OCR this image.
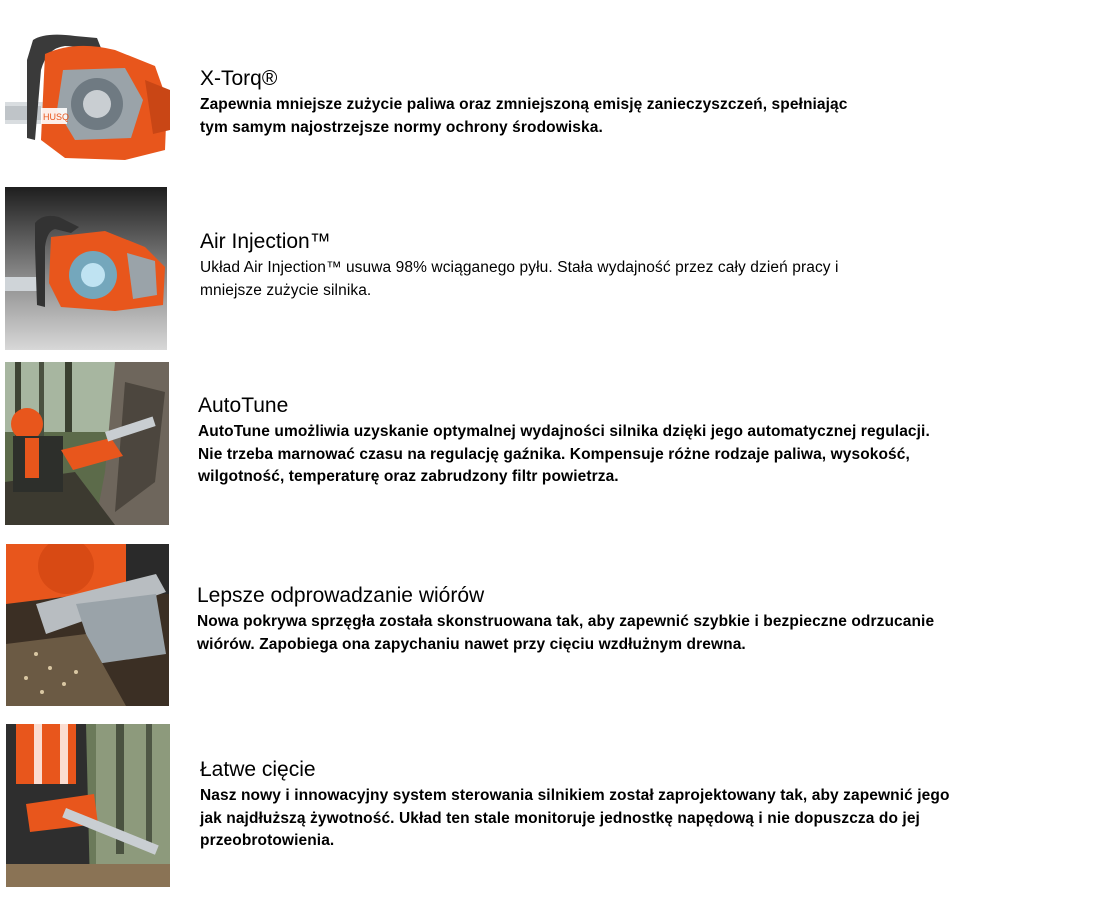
HUSQ
X-Torq®

Zapewnia mniejsze zużycie paliwa oraz zmniejszoną emisję zanieczyszczeń, spełniając
tym samym najostrzejsze normy ochrony środowiska.

Air Injection™

Układ Air Injection™ usuwa 98% wciąganego pyłu. Stała wydajność przez cały dzień pracy i
mniejsze zużycie silnika.

AutoTune

AutoTune umożliwia uzyskanie optymalnej wydajności silnika dzięki jego automatycznej regulacji.
Nie trzeba marnować czasu na regulację gaźnika. Kompensuje różne rodzaje paliwa, wysokość,
wilgotność, temperaturę oraz zabrudzony filtr powietrza.

Lepsze odprowadzanie wiórów

Nowa pokrywa sprzęgła została skonstruowana tak, aby zapewnić szybkie i bezpieczne odrzucanie
wiórów. Zapobiega ona zapychaniu nawet przy cięciu wzdłużnym drewna.

Łatwe cięcie

Nasz nowy i innowacyjny system sterowania silnikiem został zaprojektowany tak, aby zapewnić jego
jak najdłuższą żywotność. Układ ten stale monitoruje jednostkę napędową i nie dopuszcza do jej
przeobrotowienia.
